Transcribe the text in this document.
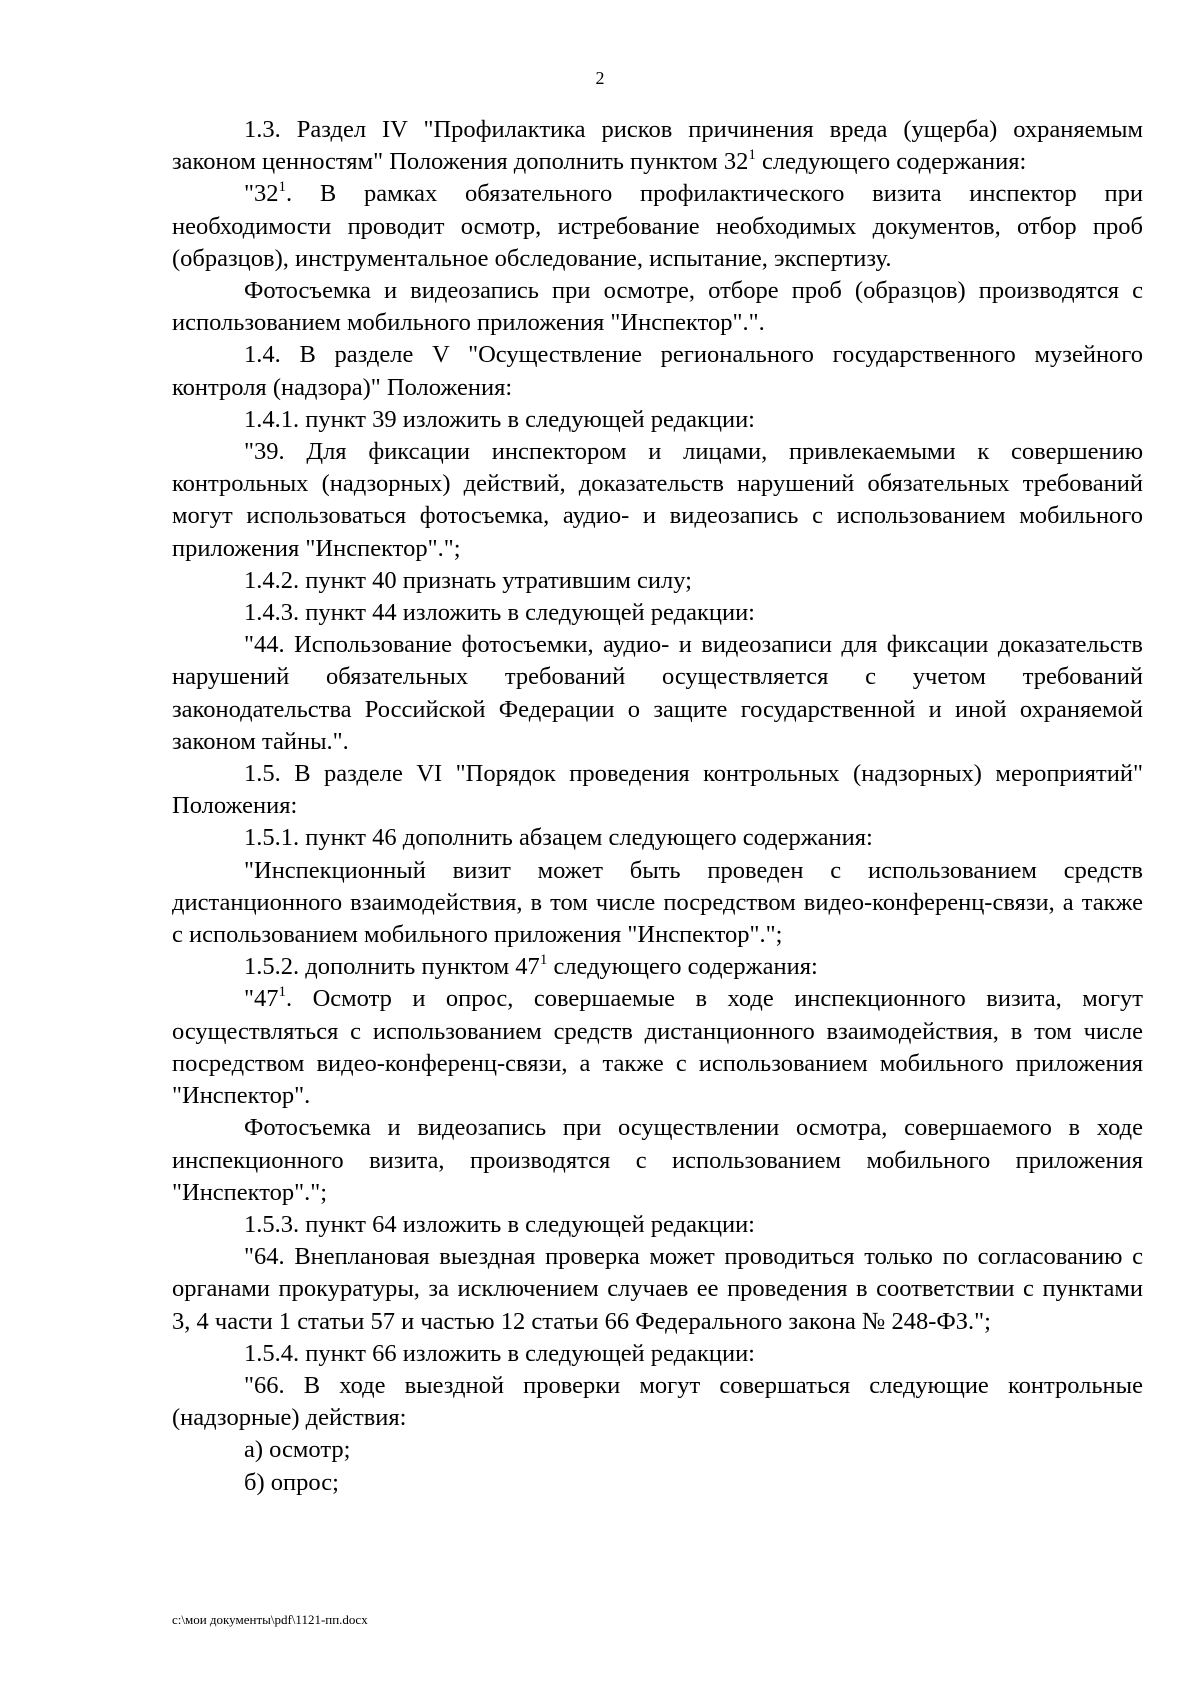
2

1.3. Раздел IV "Профилактика рисков причинения вреда (ущерба) охраняемым законом ценностям" Положения дополнить пунктом $32^1$ следующего содержания:

"$32^1$. В рамках обязательного профилактического визита инспектор при необходимости проводит осмотр, истребование необходимых документов, отбор проб (образцов), инструментальное обследование, испытание, экспертизу.

Фотосъемка и видеозапись при осмотре, отборе проб (образцов) производятся с использованием мобильного приложения "Инспектор".".

1.4. В разделе V "Осуществление регионального государственного музейного контроля (надзора)" Положения:

1.4.1. пункт 39 изложить в следующей редакции:

"39. Для фиксации инспектором и лицами, привлекаемыми к совершению контрольных (надзорных) действий, доказательств нарушений обязательных требований могут использоваться фотосъемка, аудио- и видеозапись с использованием мобильного приложения "Инспектор".";

1.4.2. пункт 40 признать утратившим силу;

1.4.3. пункт 44 изложить в следующей редакции:

"44. Использование фотосъемки, аудио- и видеозаписи для фиксации доказательств нарушений обязательных требований осуществляется с учетом требований законодательства Российской Федерации о защите государственной и иной охраняемой законом тайны.".

1.5. В разделе VI "Порядок проведения контрольных (надзорных) мероприятий" Положения:

1.5.1. пункт 46 дополнить абзацем следующего содержания:

"Инспекционный визит может быть проведен с использованием средств дистанционного взаимодействия, в том числе посредством видео-конференц-связи, а также с использованием мобильного приложения "Инспектор".";

1.5.2. дополнить пунктом $47^1$ следующего содержания:

"$47^1$. Осмотр и опрос, совершаемые в ходе инспекционного визита, могут осуществляться с использованием средств дистанционного взаимодействия, в том числе посредством видео-конференц-связи, а также с использованием мобильного приложения "Инспектор".

Фотосъемка и видеозапись при осуществлении осмотра, совершаемого в ходе инспекционного визита, производятся с использованием мобильного приложения "Инспектор".";

1.5.3. пункт 64 изложить в следующей редакции:

"64. Внеплановая выездная проверка может проводиться только по согласованию с органами прокуратуры, за исключением случаев ее проведения в соответствии с пунктами 3, 4 части 1 статьи 57 и частью 12 статьи 66 Федерального закона № 248-ФЗ.";

1.5.4. пункт 66 изложить в следующей редакции:

"66. В ходе выездной проверки могут совершаться следующие контрольные (надзорные) действия:

а) осмотр;

б) опрос;

c:\мои документы\pdf\1121-пп.docx
